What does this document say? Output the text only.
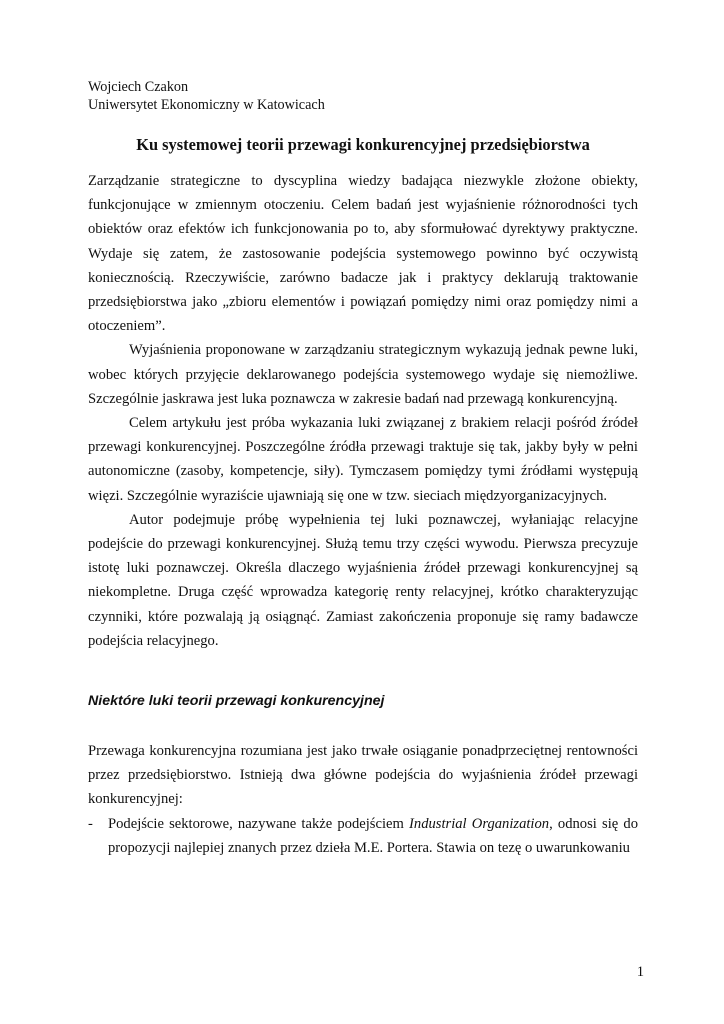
Wojciech Czakon
Uniwersytet Ekonomiczny w Katowicach
Ku systemowej teorii przewagi konkurencyjnej przedsiębiorstwa

Zarządzanie strategiczne to dyscyplina wiedzy badająca niezwykle złożone obiekty, funkcjonujące w zmiennym otoczeniu. Celem badań jest wyjaśnienie różnorodności tych obiektów oraz efektów ich funkcjonowania po to, aby sformułować dyrektywy praktyczne. Wydaje się zatem, że zastosowanie podejścia systemowego powinno być oczywistą koniecznością. Rzeczywiście, zarówno badacze jak i praktycy deklarują traktowanie przedsiębiorstwa jako „zbioru elementów i powiązań pomiędzy nimi oraz pomiędzy nimi a otoczeniem”.

Wyjaśnienia proponowane w zarządzaniu strategicznym wykazują jednak pewne luki, wobec których przyjęcie deklarowanego podejścia systemowego wydaje się niemożliwe. Szczególnie jaskrawa jest luka poznawcza w zakresie badań nad przewagą konkurencyjną.

Celem artykułu jest próba wykazania luki związanej z brakiem relacji pośród źródeł przewagi konkurencyjnej. Poszczególne źródła przewagi traktuje się tak, jakby były w pełni autonomiczne (zasoby, kompetencje, siły). Tymczasem pomiędzy tymi źródłami występują więzi. Szczególnie wyraziście ujawniają się one w tzw. sieciach międzyorganizacyjnych.

Autor podejmuje próbę wypełnienia tej luki poznawczej, wyłaniając relacyjne podejście do przewagi konkurencyjnej. Służą temu trzy części wywodu. Pierwsza precyzuje istotę luki poznawczej. Określa dlaczego wyjaśnienia źródeł przewagi konkurencyjnej są niekompletne. Druga część wprowadza kategorię renty relacyjnej, krótko charakteryzując czynniki, które pozwalają ją osiągnąć. Zamiast zakończenia proponuje się ramy badawcze podejścia relacyjnego.

Niektóre luki teorii przewagi konkurencyjnej

Przewaga konkurencyjna rozumiana jest jako trwałe osiąganie ponadprzeciętnej rentowności przez przedsiębiorstwo. Istnieją dwa główne podejścia do wyjaśnienia źródeł przewagi konkurencyjnej:

- Podejście sektorowe, nazywane także podejściem Industrial Organization, odnosi się do propozycji najlepiej znanych przez dzieła M.E. Portera. Stawia on tezę o uwarunkowaniu
1
